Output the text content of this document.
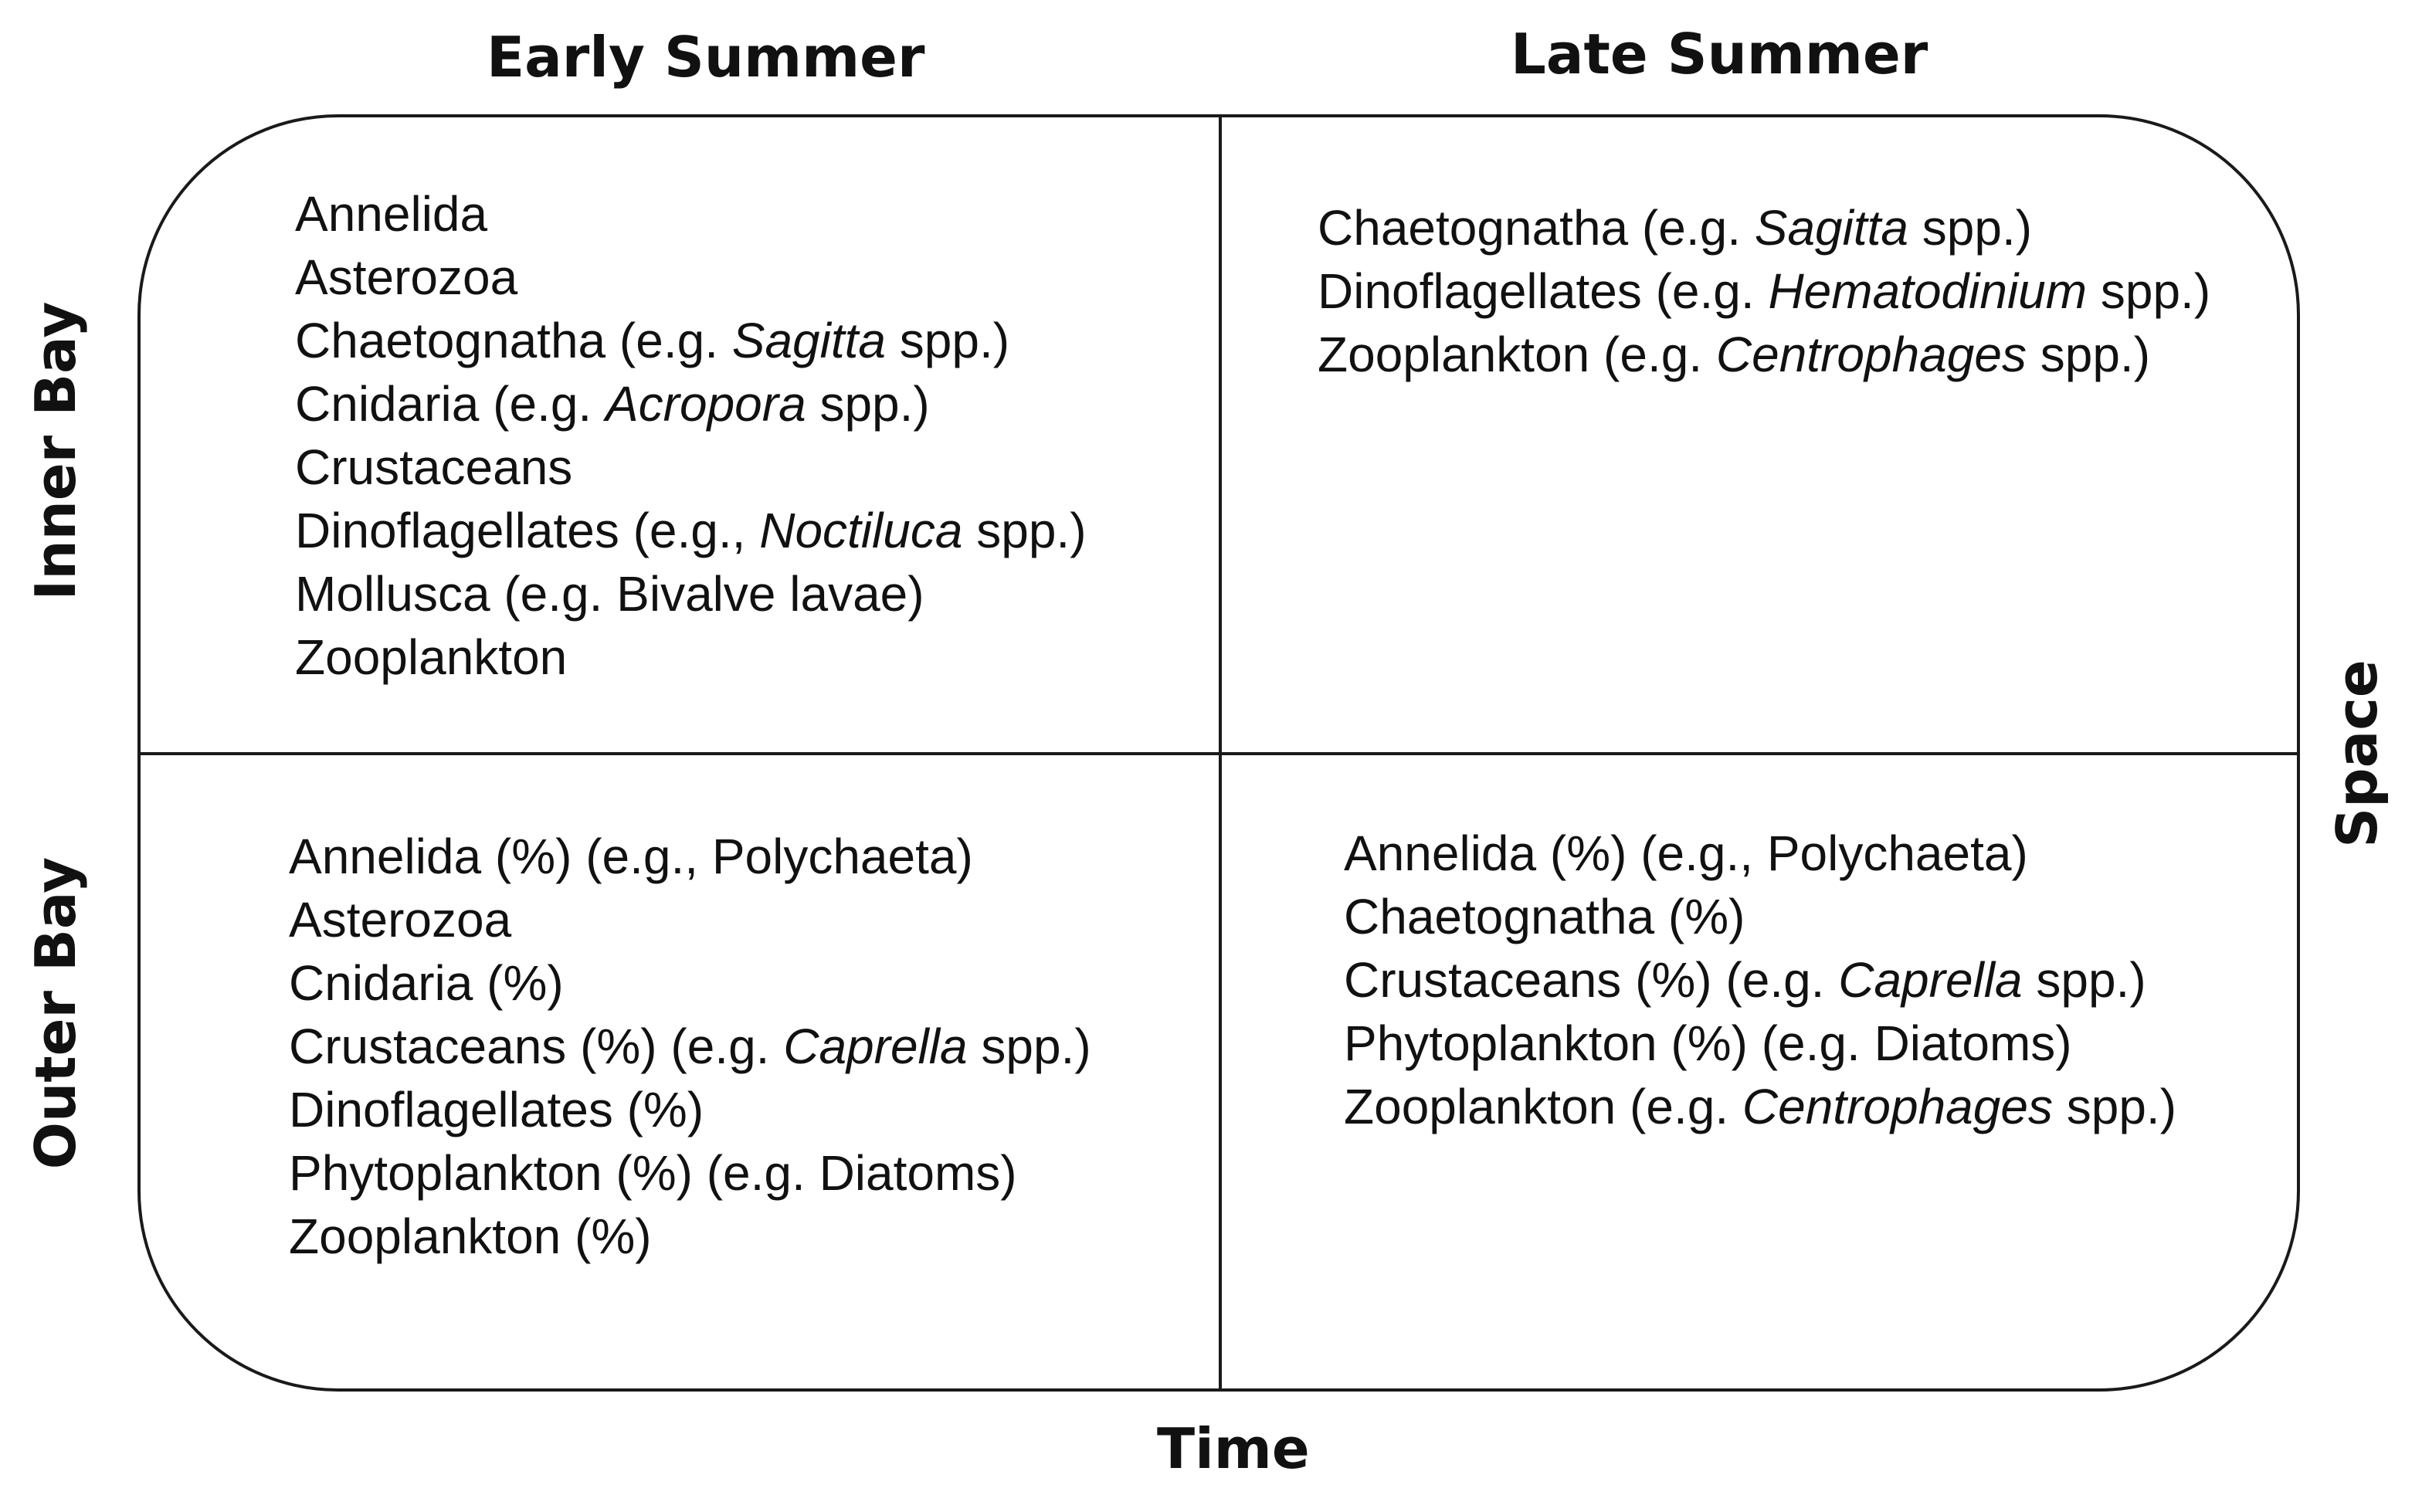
Early Summer	Late Summer
Inner Bay
Outer Bay
Time
Space
Annelida
Asterozoa
Chaetognatha (e.g. Sagitta spp.)
Cnidaria (e.g. Acropora spp.)
Crustaceans
Dinoflagellates (e.g., Noctiluca spp.)
Mollusca (e.g. Bivalve lavae)
Zooplankton
Chaetognatha (e.g. Sagitta spp.)
Dinoflagellates (e.g. Hematodinium spp.)
Zooplankton (e.g. Centrophages spp.)
Annelida (%) (e.g., Polychaeta)
Asterozoa
Cnidaria (%)
Crustaceans (%) (e.g. Caprella spp.)
Dinoflagellates (%)
Phytoplankton (%) (e.g. Diatoms)
Zooplankton (%)
Annelida (%) (e.g., Polychaeta)
Chaetognatha (%)
Crustaceans (%) (e.g. Caprella spp.)
Phytoplankton (%) (e.g. Diatoms)
Zooplankton (e.g. Centrophages spp.)
